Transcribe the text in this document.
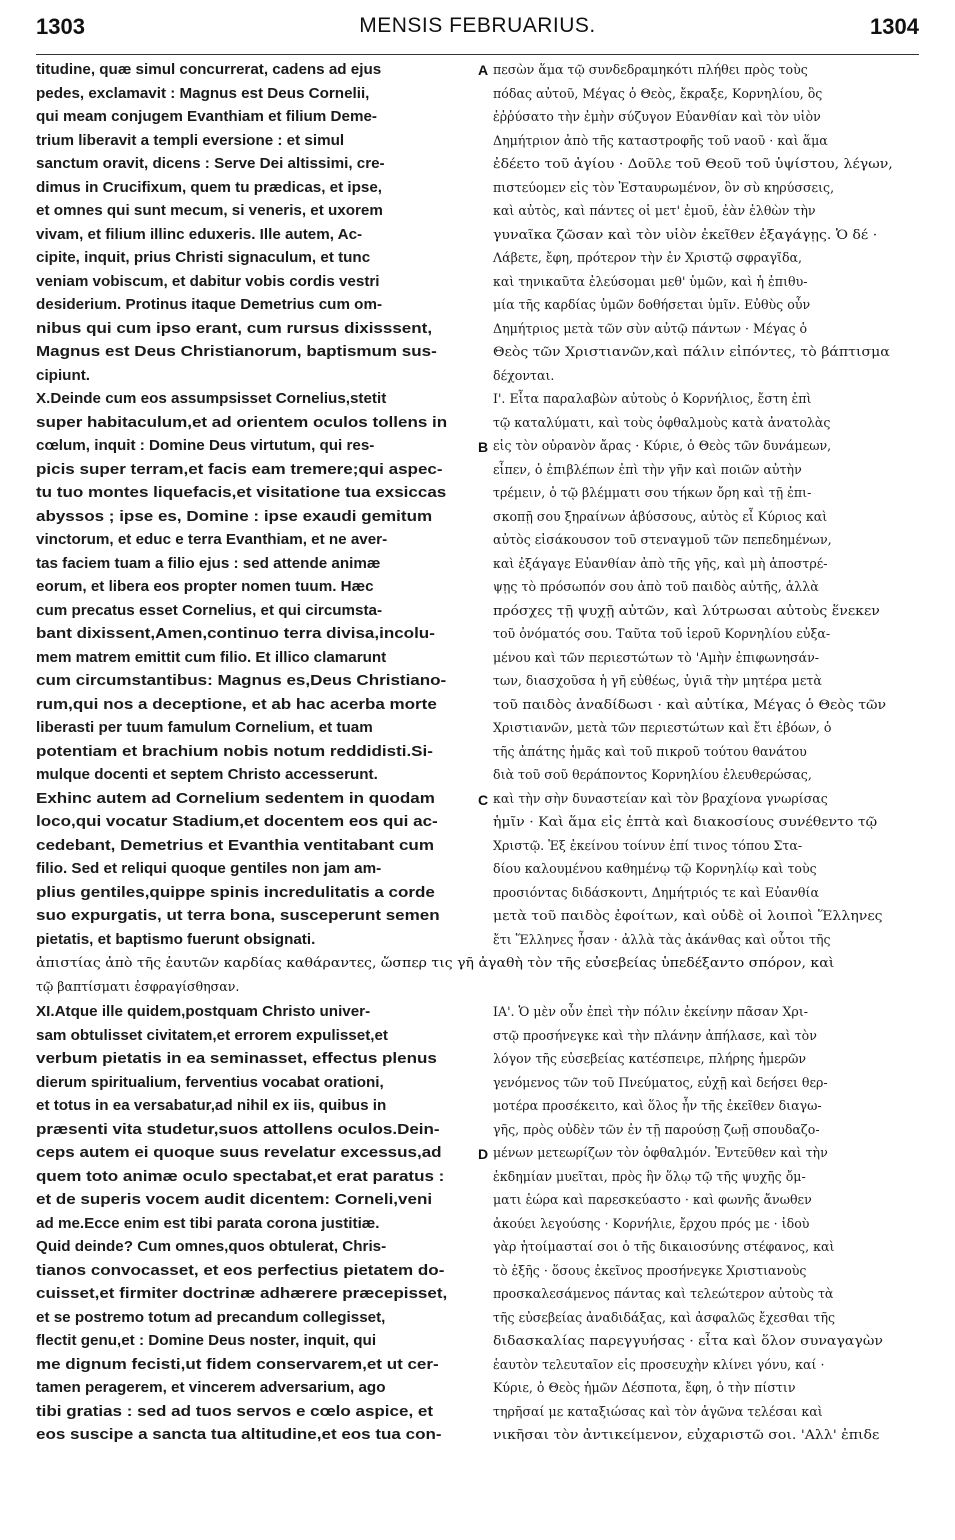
1303	MENSIS FEBRUARIUS.	1304
titudine, quæ simul concurrerat, cadens ad ejus
pedes, exclamavit : Magnus est Deus Cornelii,
qui meam conjugem Evanthiam et filium Deme-
trium liberavit a templi eversione : et simul
sanctum oravit, dicens : Serve Dei altissimi, cre-
dimus in Crucifixum, quem tu prædicas, et ipse,
et omnes qui sunt mecum, si veneris, et uxorem
vivam, et filium illinc eduxeris. Ille autem, Ac-
cipite, inquit, prius Christi signaculum, et tunc
veniam vobiscum, et dabitur vobis cordis vestri
desiderium. Protinus itaque Demetrius cum om-
nibus qui cum ipso erant, cum rursus dixisssent,
Magnus est Deus Christianorum, baptismum sus-
cipiunt.
X.Deinde cum eos assumpsisset Cornelius,stetit
super habitaculum,et ad orientem oculos tollens in
cœlum, inquit : Domine Deus virtutum, qui res-
picis super terram,et facis eam tremere;qui aspec-
tu tuo montes liquefacis,et visitatione tua exsiccas
abyssos ; ipse es, Domine : ipse exaudi gemitum
vinctorum, et educ e terra Evanthiam, et ne aver-
tas faciem tuam a filio ejus : sed attende animæ
eorum, et libera eos propter nomen tuum. Hæc
cum precatus esset Cornelius, et qui circumsta-
bant dixissent,Amen,continuo terra divisa,incolu-
mem matrem emittit cum filio. Et illico clamarunt
cum circumstantibus: Magnus es,Deus Christiano-
rum,qui nos a deceptione, et ab hac acerba morte
liberasti per tuum famulum Cornelium, et tuam
potentiam et brachium nobis notum reddidisti.Si-
mulque docenti et septem Christo accesserunt.
Exhinc autem ad Cornelium sedentem in quodam
loco,qui vocatur Stadium,et docentem eos qui ac-
cedebant, Demetrius et Evanthia ventitabant cum
filio. Sed et reliqui quoque gentiles non jam am-
plius gentiles,quippe spinis incredulitatis a corde
suo expurgatis, ut terra bona, susceperunt semen
pietatis, et baptismo fuerunt obsignati.
πεσὼν ἅμα τῷ συνδεδραμηκότι πλήθει πρὸς τοὺς
πόδας αὐτοῦ, Μέγας ὁ Θεὸς, ἔκραξε, Κορνηλίου, ὃς
ἐῤῥύσατο τὴν ἐμὴν σύζυγον Εὐανθίαν καὶ τὸν υἱὸν
Δημήτριον ἀπὸ τῆς καταστροφῆς τοῦ ναοῦ · καὶ ἅμα
ἐδέετο τοῦ ἁγίου · Δοῦλε τοῦ Θεοῦ τοῦ ὑψίστου, λέγων,
πιστεύομεν εἰς τὸν Ἐσταυρωμένον, ὃν σὺ κηρύσσεις,
καὶ αὐτὸς, καὶ πάντες οἱ μετ' ἐμοῦ, ἐὰν ἐλθὼν τὴν
γυναῖκα ζῶσαν καὶ τὸν υἱὸν ἐκεῖθεν ἐξαγάγῃς. Ὁ δέ ·
Λάβετε, ἔφη, πρότερον τὴν ἐν Χριστῷ σφραγῖδα,
καὶ τηνικαῦτα ἐλεύσομαι μεθ' ὑμῶν, καὶ ἡ ἐπιθυ-
μία τῆς καρδίας ὑμῶν δοθήσεται ὑμῖν. Εὐθὺς οὖν
Δημήτριος μετὰ τῶν σὺν αὐτῷ πάντων · Μέγας ὁ
Θεὸς τῶν Χριστιανῶν,καὶ πάλιν εἰπόντες, τὸ βάπτισμα
δέχονται.
Ι'. Εἶτα παραλαβὼν αὐτοὺς ὁ Κορνήλιος, ἔστη ἐπὶ
τῷ καταλύματι, καὶ τοὺς ὀφθαλμοὺς κατὰ ἀνατολὰς
εἰς τὸν οὐρανὸν ἄρας · Κύριε, ὁ Θεὸς τῶν δυνάμεων,
εἶπεν, ὁ ἐπιβλέπων ἐπὶ τὴν γῆν καὶ ποιῶν αὐτὴν
τρέμειν, ὁ τῷ βλέμματι σου τήκων ὄρη καὶ τῇ ἐπι-
σκοπῇ σου ξηραίνων ἀβύσσους, αὐτὸς εἶ Κύριος καὶ
αὐτὸς εἰσάκουσον τοῦ στεναγμοῦ τῶν πεπεδημένων,
καὶ ἐξάγαγε Εὐανθίαν ἀπὸ τῆς γῆς, καὶ μὴ ἀποστρέ-
ψῃς τὸ πρόσωπόν σου ἀπὸ τοῦ παιδὸς αὐτῆς, ἀλλὰ
πρόσχες τῇ ψυχῇ αὐτῶν, καὶ λύτρωσαι αὐτοὺς ἕνεκεν
τοῦ ὀνόματός σου. Ταῦτα τοῦ ἱεροῦ Κορνηλίου εὐξα-
μένου καὶ τῶν περιεστώτων τὸ 'Αμὴν ἐπιφωνησάν-
των, διασχοῦσα ἡ γῆ εὐθέως, ὑγιᾶ τὴν μητέρα μετὰ
τοῦ παιδὸς ἀναδίδωσι · καὶ αὐτίκα, Μέγας ὁ Θεὸς τῶν
Χριστιανῶν, μετὰ τῶν περιεστώτων καὶ ἔτι ἐβόων, ὁ
τῆς ἀπάτης ἡμᾶς καὶ τοῦ πικροῦ τούτου θανάτου
διὰ τοῦ σοῦ θεράποντος Κορνηλίου ἐλευθερώσας,
καὶ τὴν σὴν δυναστείαν καὶ τὸν βραχίονα γνωρίσας
ἡμῖν · Καὶ ἅμα εἰς ἑπτὰ καὶ διακοσίους συνέθεντο τῷ
Χριστῷ. Ἐξ ἐκείνου τοίνυν ἐπί τινος τόπου Στα-
δίου καλουμένου καθημένῳ τῷ Κορνηλίῳ καὶ τοὺς
προσιόντας διδάσκοντι, Δημήτριός τε καὶ Εὐανθία
μετὰ τοῦ παιδὸς ἐφοίτων, καὶ οὐδὲ οἱ λοιποὶ Ἕλληνες
ἔτι Ἕλληνες ἦσαν · ἀλλὰ τὰς ἀκάνθας καὶ οὗτοι τῆς
ἀπιστίας ἀπὸ τῆς ἑαυτῶν καρδίας καθάραντες, ὥσπερ τις γῆ ἀγαθὴ τὸν τῆς εὐσεβείας ὑπεδέξαντο σπόρον, καὶ
τῷ βαπτίσματι ἐσφραγίσθησαν.
XI.Atque ille quidem,postquam Christo univer-
sam obtulisset civitatem,et errorem expulisset,et
verbum pietatis in ea seminasset, effectus plenus
dierum spiritualium, ferventius vocabat orationi,
et totus in ea versabatur,ad nihil ex iis, quibus in
præsenti vita studetur,suos attollens oculos.Dein-
ceps autem ei quoque suus revelatur excessus,ad
quem toto animæ oculo spectabat,et erat paratus :
et de superis vocem audit dicentem: Corneli,veni
ad me.Ecce enim est tibi parata corona justitiæ.
Quid deinde? Cum omnes,quos obtulerat, Chris-
tianos convocasset, et eos perfectius pietatem do-
cuisset,et firmiter doctrinæ adhærere præcepisset,
et se postremo totum ad precandum collegisset,
flectit genu,et : Domine Deus noster, inquit, qui
me dignum fecisti,ut fidem conservarem,et ut cer-
tamen peragerem, et vincerem adversarium, ago
tibi gratias : sed ad tuos servos e cœlo aspice, et
eos suscipe a sancta tua altitudine,et eos tua con-
ΙΑ'. Ὁ μὲν οὖν ἐπεὶ τὴν πόλιν ἐκείνην πᾶσαν Χρι-
στῷ προσήνεγκε καὶ τὴν πλάνην ἀπήλασε, καὶ τὸν
λόγον τῆς εὐσεβείας κατέσπειρε, πλήρης ἡμερῶν
γενόμενος τῶν τοῦ Πνεύματος, εὐχῇ καὶ δεήσει θερ-
μοτέρα προσέκειτο, καὶ ὅλος ἦν τῆς ἐκεῖθεν διαγω-
γῆς, πρὸς οὐδὲν τῶν ἐν τῇ παρούσῃ ζωῇ σπουδαζο-
μένων μετεωρίζων τὸν ὀφθαλμόν. Ἐντεῦθεν καὶ τὴν
ἐκδημίαν μυεῖται, πρὸς ἣν ὅλῳ τῷ τῆς ψυχῆς ὄμ-
ματι ἑώρα καὶ παρεσκεύαστο · καὶ φωνῆς ἄνωθεν
ἀκούει λεγούσης · Κορνήλιε, ἔρχου πρός με · ἰδοὺ
γὰρ ἡτοίμασταί σοι ὁ τῆς δικαιοσύνης στέφανος, καὶ
τὸ ἑξῆς · ὅσους ἐκεῖνος προσήνεγκε Χριστιανοὺς
προσκαλεσάμενος πάντας καὶ τελεώτερον αὐτοὺς τὰ
τῆς εὐσεβείας ἀναδιδάξας, καὶ ἀσφαλῶς ἔχεσθαι τῆς
διδασκαλίας παρεγγυήσας · εἶτα καὶ ὅλον συναγαγὼν
ἑαυτὸν τελευταῖον εἰς προσευχὴν κλίνει γόνυ, καί ·
Κύριε, ὁ Θεὸς ἡμῶν Δέσποτα, ἔφη, ὁ τὴν πίστιν
τηρῆσαί με καταξιώσας καὶ τὸν ἀγῶνα τελέσαι καὶ
νικῆσαι τὸν ἀντικείμενον, εὐχαριστῶ σοι. 'Αλλ' ἐπιδε
A
B
C
D
